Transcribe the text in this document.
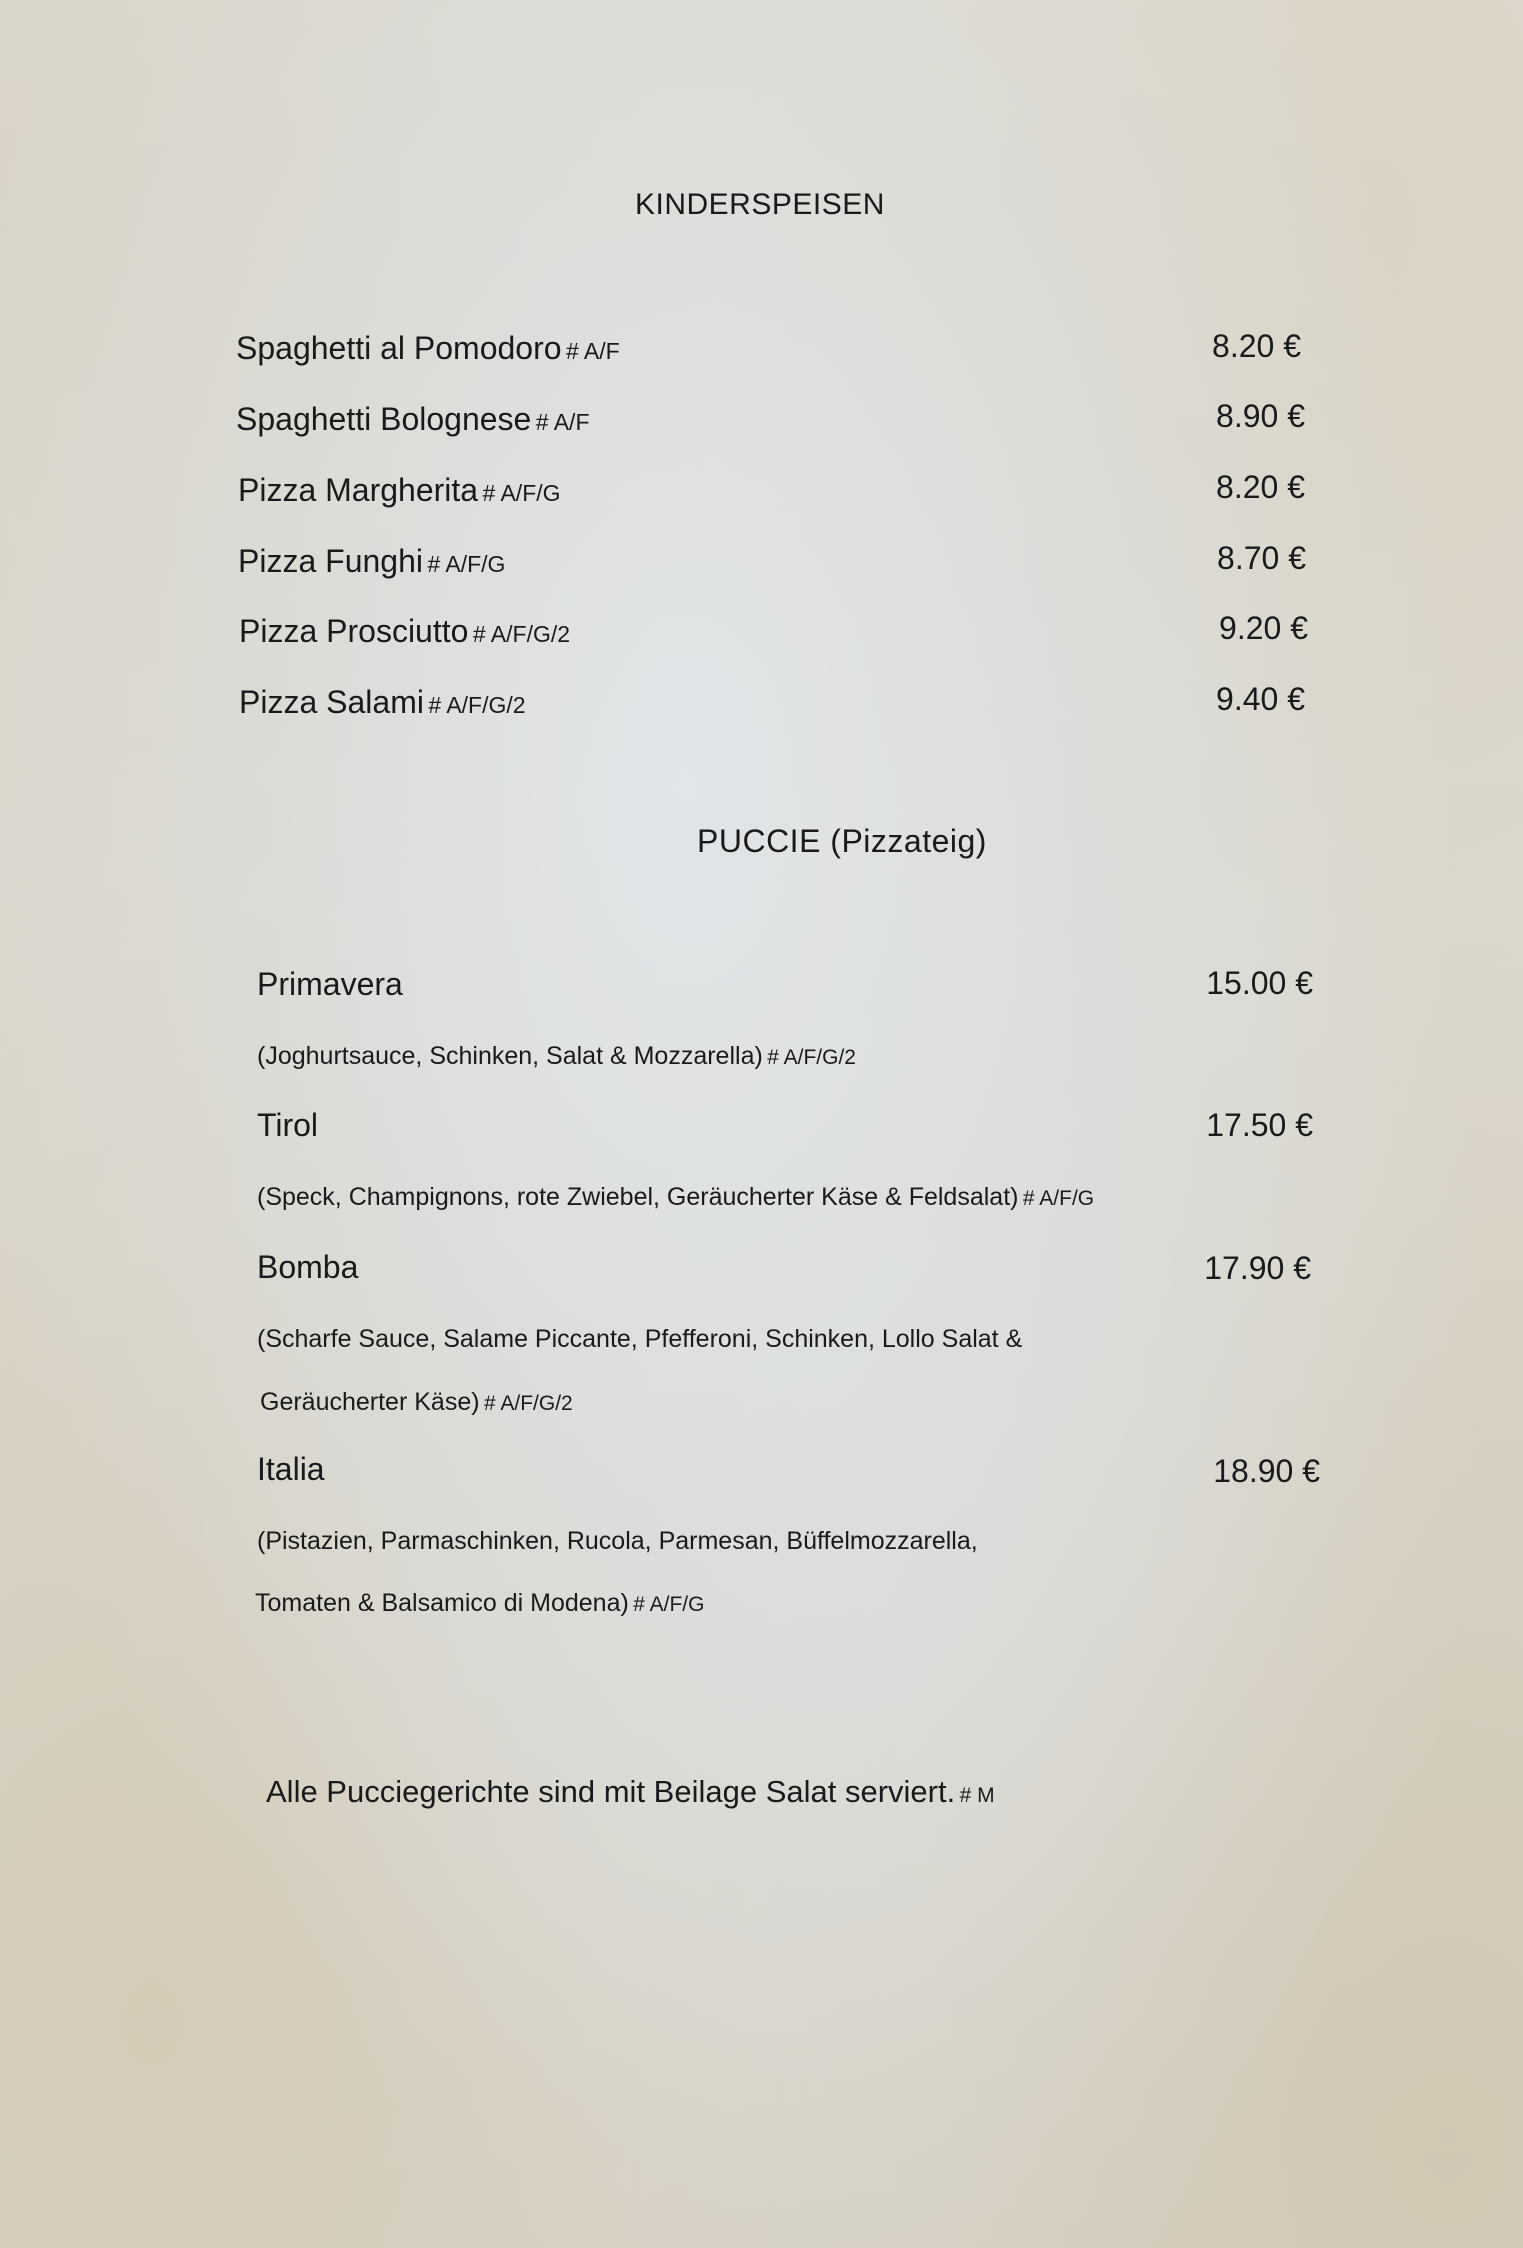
KINDERSPEISEN
Spaghetti al Pomodoro # A/F	8.20 €
Spaghetti Bolognese # A/F	8.90 €
Pizza Margherita # A/F/G	8.20 €
Pizza Funghi # A/F/G	8.70 €
Pizza Prosciutto # A/F/G/2	9.20 €
Pizza Salami # A/F/G/2	9.40 €
PUCCIE (Pizzateig)
Primavera	15.00 €
(Joghurtsauce, Schinken, Salat & Mozzarella) # A/F/G/2
Tirol	17.50 €
(Speck, Champignons, rote Zwiebel, Geräucherter Käse & Feldsalat) # A/F/G
Bomba	17.90 €
(Scharfe Sauce, Salame Piccante, Pfefferoni, Schinken, Lollo Salat &
Geräucherter Käse) # A/F/G/2
Italia	18.90 €
(Pistazien, Parmaschinken, Rucola, Parmesan, Büffelmozzarella,
Tomaten & Balsamico di Modena) # A/F/G
Alle Pucciegerichte sind mit Beilage Salat serviert. # M
